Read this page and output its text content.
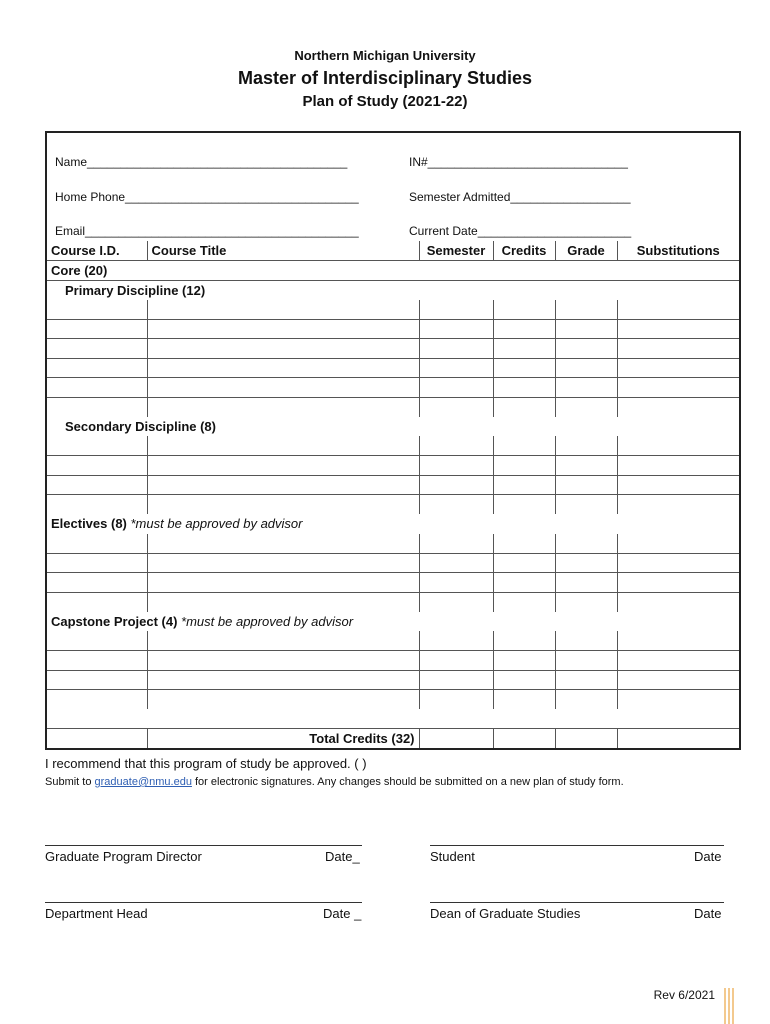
Northern Michigan University
Master of Interdisciplinary Studies
Plan of Study (2021-22)
Name_______________________________________	IN#______________________________
Home Phone___________________________________	Semester Admitted__________________
Email_________________________________________	Current Date_______________________
Course I.D.	Course Title	Semester	Credits	Grade	Substitutions
Core (20)					
Primary Discipline (12)					

Secondary Discipline (8)					

Electives (8) *must be approved by advisor					

Capstone Project (4) *must be approved by advisor					

	Total Credits (32)				
I recommend that this program of study be approved. ( )
Submit to graduate@nmu.edu for electronic signatures. Any changes should be submitted on a new plan of study form.
Graduate Program Director	Date_	Student	Date
Department Head	Date _	Dean of Graduate Studies	Date
Rev 6/2021
